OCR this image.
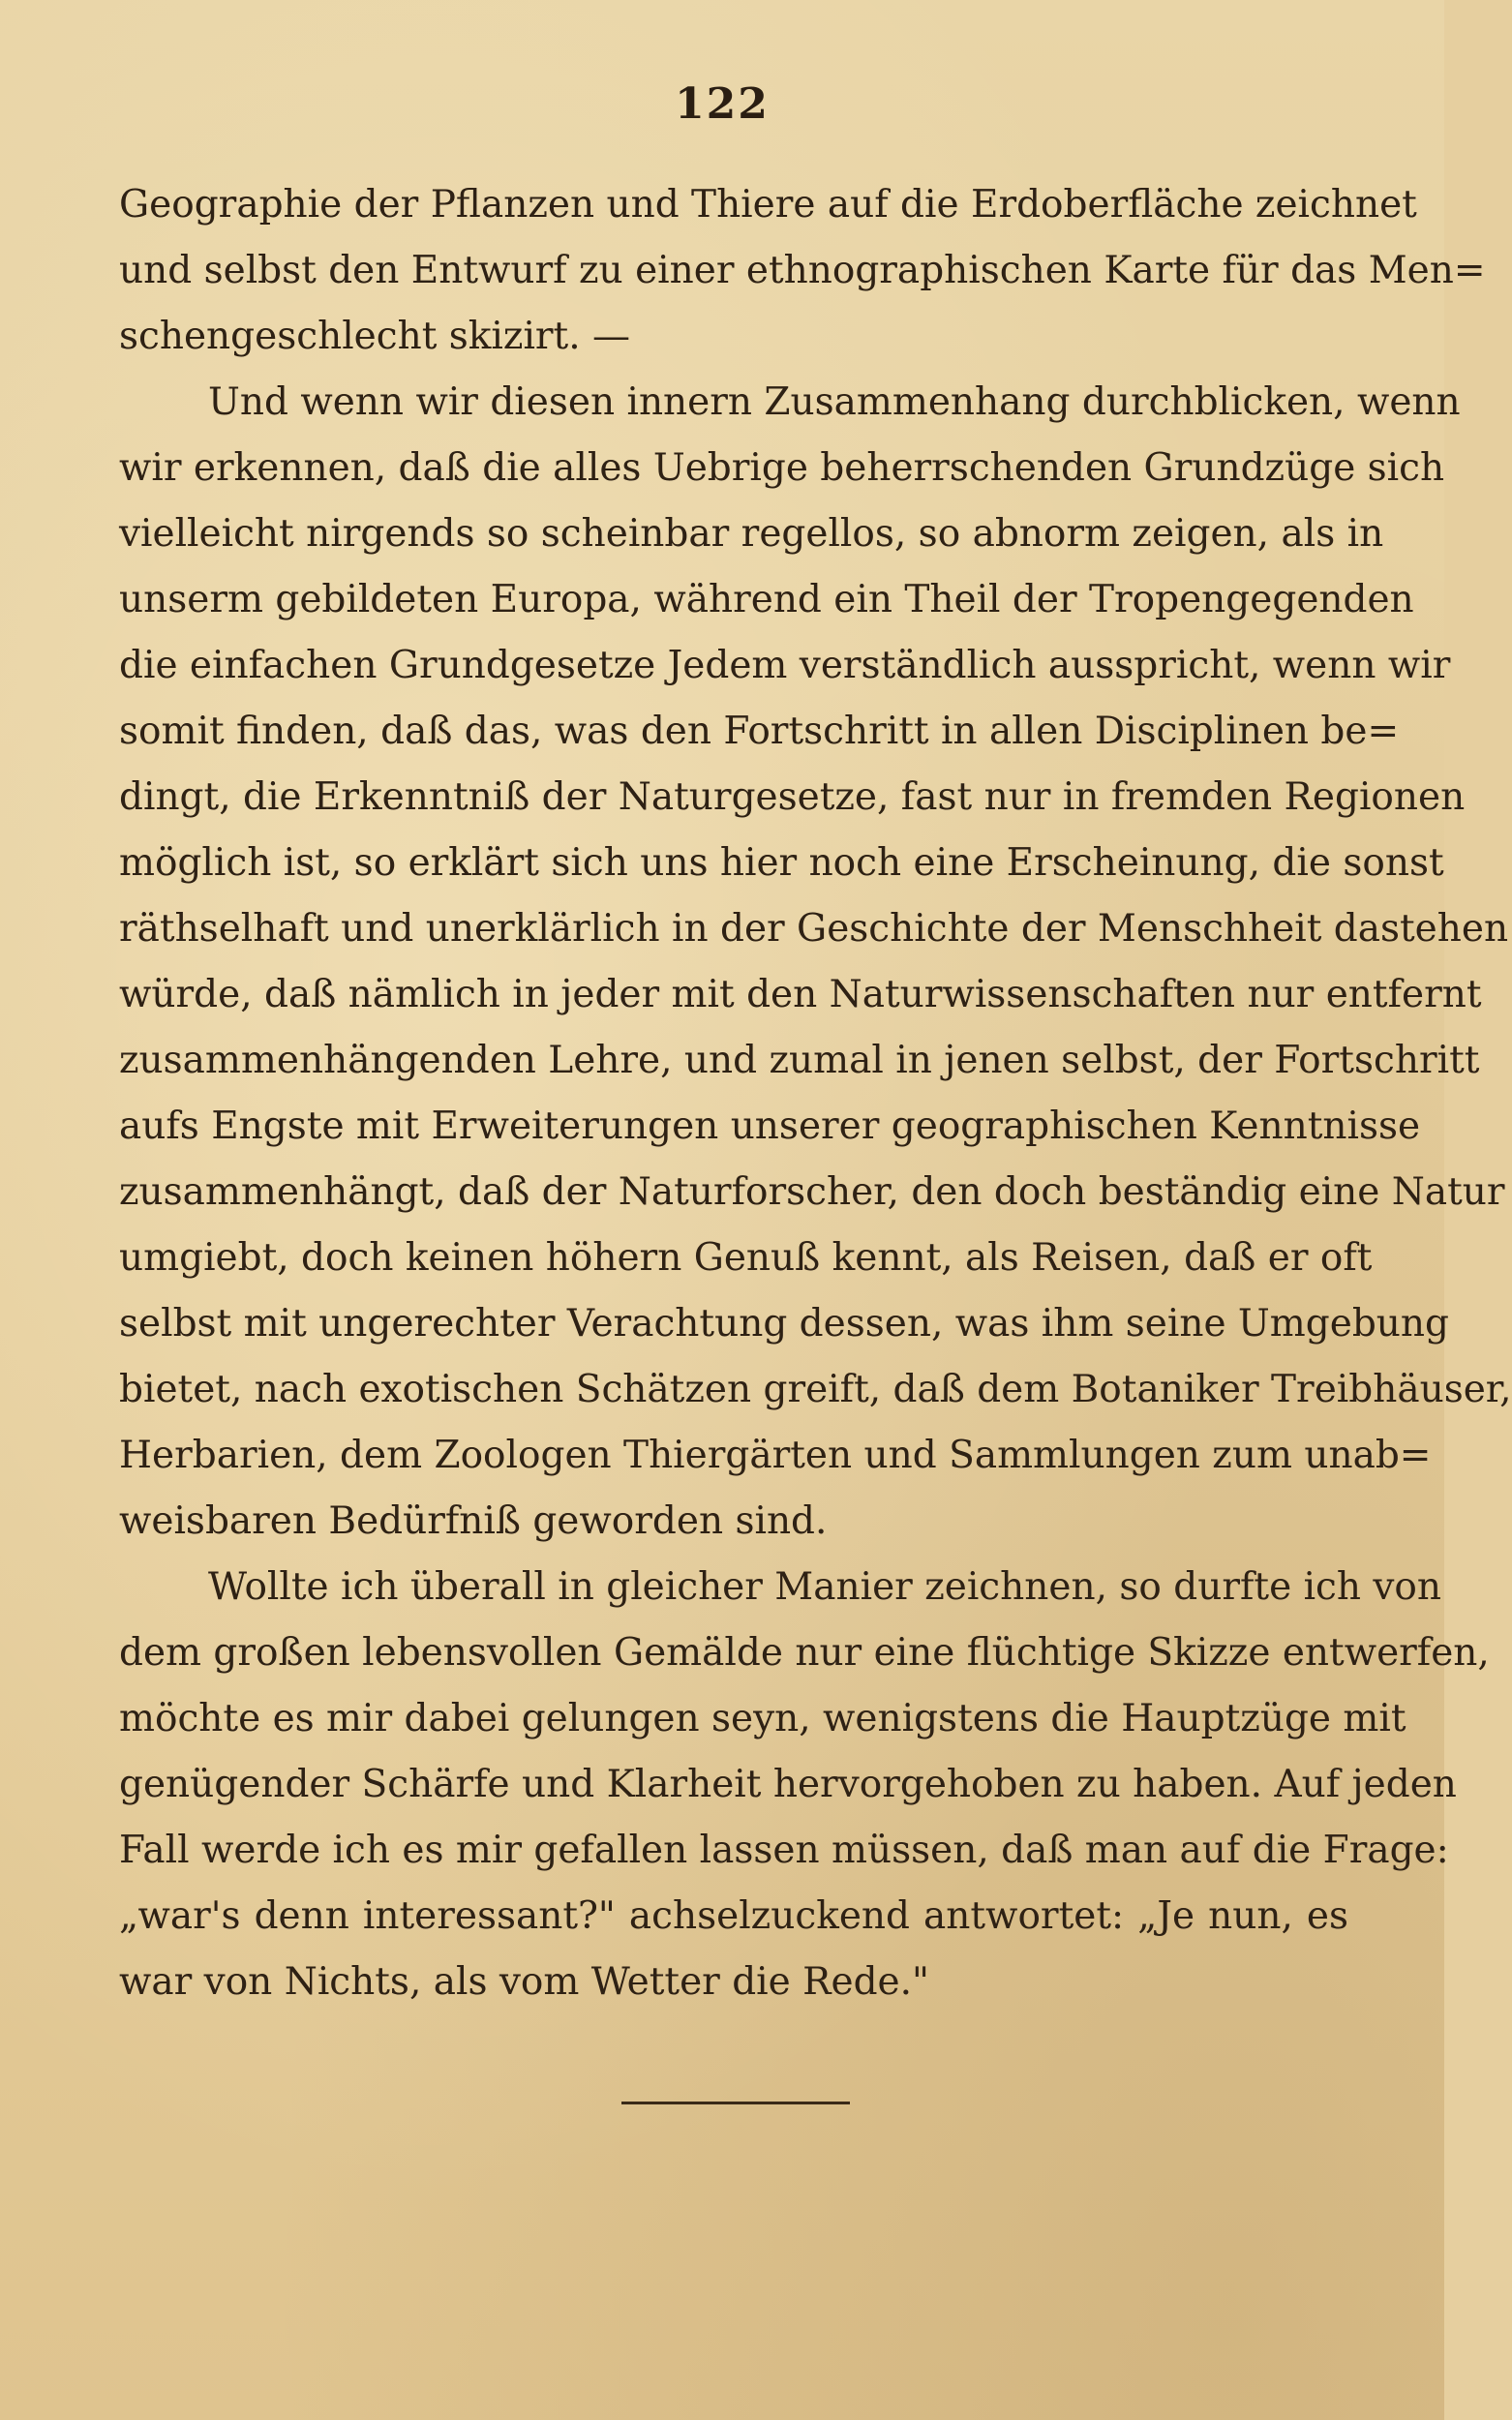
122
Geographie der Pflanzen und Thiere auf die Erdoberfläche zeichnet
und selbst den Entwurf zu einer ethnographischen Karte für das Men=
schengeschlecht skizirt. —
Und wenn wir diesen innern Zusammenhang durchblicken, wenn
wir erkennen, daß die alles Uebrige beherrschenden Grundzüge sich
vielleicht nirgends so scheinbar regellos, so abnorm zeigen, als in
unserm gebildeten Europa, während ein Theil der Tropengegenden
die einfachen Grundgesetze Jedem verständlich ausspricht, wenn wir
somit finden, daß das, was den Fortschritt in allen Disciplinen be=
dingt, die Erkenntniß der Naturgesetze, fast nur in fremden Regionen
möglich ist, so erklärt sich uns hier noch eine Erscheinung, die sonst
räthselhaft und unerklärlich in der Geschichte der Menschheit dastehen
würde, daß nämlich in jeder mit den Naturwissenschaften nur entfernt
zusammenhängenden Lehre, und zumal in jenen selbst, der Fortschritt
aufs Engste mit Erweiterungen unserer geographischen Kenntnisse
zusammenhängt, daß der Naturforscher, den doch beständig eine Natur
umgiebt, doch keinen höhern Genuß kennt, als Reisen, daß er oft
selbst mit ungerechter Verachtung dessen, was ihm seine Umgebung
bietet, nach exotischen Schätzen greift, daß dem Botaniker Treibhäuser,
Herbarien, dem Zoologen Thiergärten und Sammlungen zum unab=
weisbaren Bedürfniß geworden sind.
Wollte ich überall in gleicher Manier zeichnen, so durfte ich von
dem großen lebensvollen Gemälde nur eine flüchtige Skizze entwerfen,
möchte es mir dabei gelungen seyn, wenigstens die Hauptzüge mit
genügender Schärfe und Klarheit hervorgehoben zu haben. Auf jeden
Fall werde ich es mir gefallen lassen müssen, daß man auf die Frage:
„war's denn interessant?" achselzuckend antwortet: „Je nun, es
war von Nichts, als vom Wetter die Rede."
